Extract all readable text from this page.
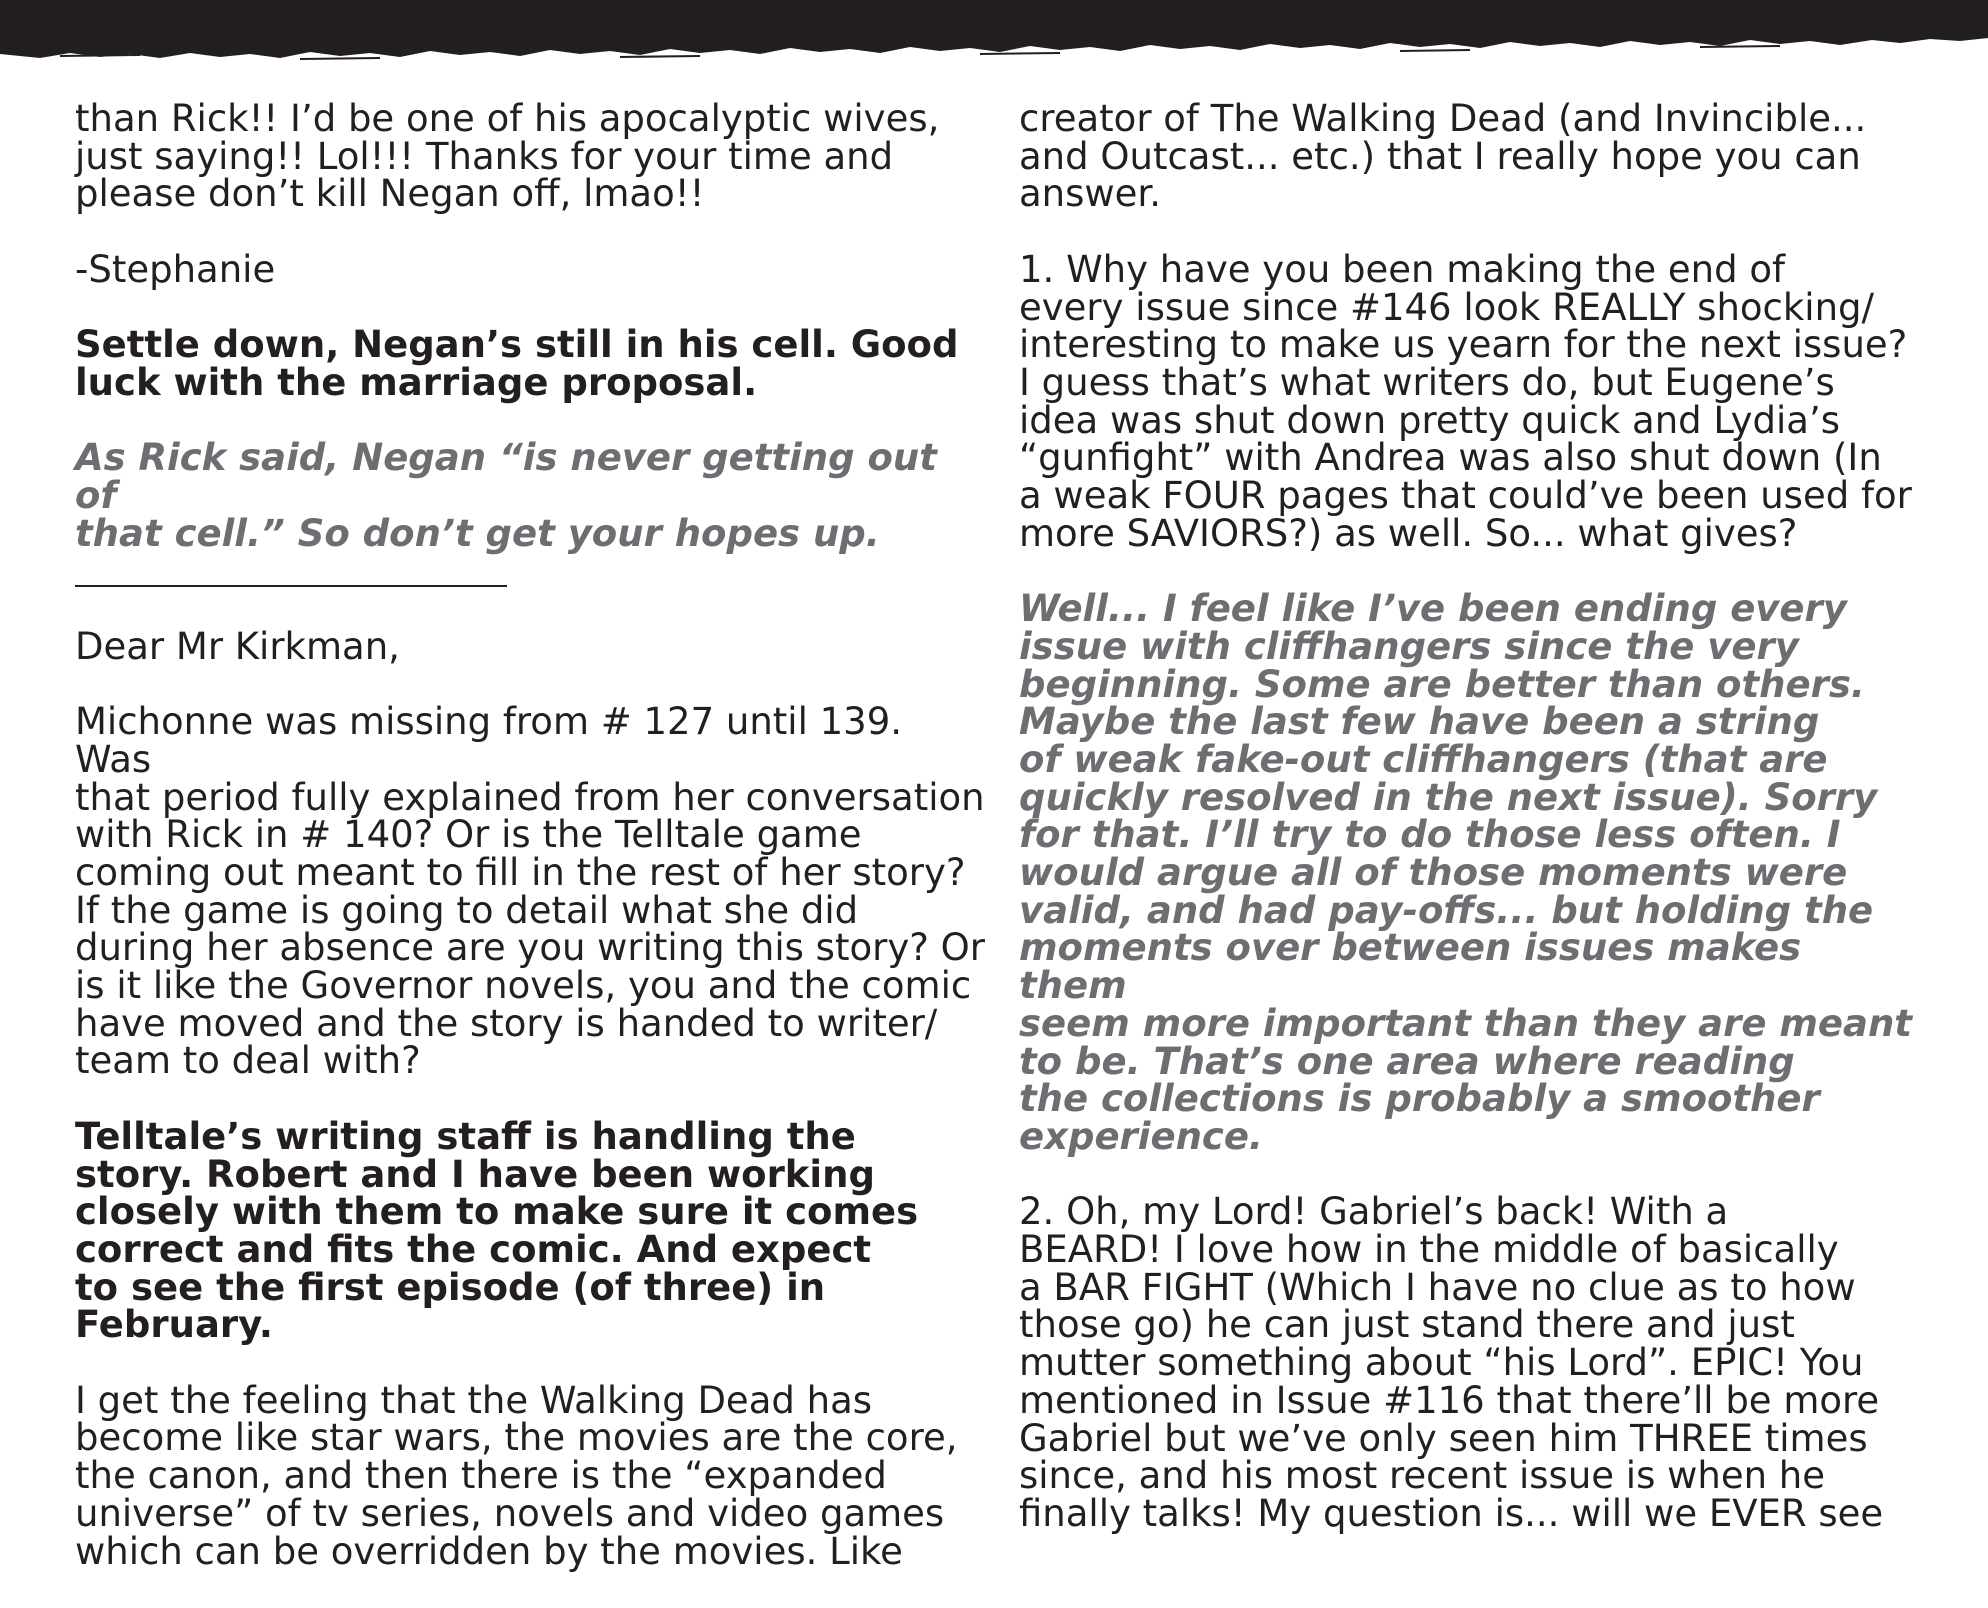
than Rick!! I’d be one of his apocalyptic wives,
just saying!! Lol!!! Thanks for your time and
please don’t kill Negan off, lmao!!
-Stephanie
Settle down, Negan’s still in his cell. Good
luck with the marriage proposal.
As Rick said, Negan “is never getting out of
that cell.” So don’t get your hopes up.
Dear Mr Kirkman,
Michonne was missing from # 127 until 139. Was
that period fully explained from her conversation
with Rick in # 140? Or is the Telltale game
coming out meant to fill in the rest of her story?
If the game is going to detail what she did
during her absence are you writing this story? Or
is it like the Governor novels, you and the comic
have moved and the story is handed to writer/
team to deal with?
Telltale’s writing staff is handling the
story. Robert and I have been working
closely with them to make sure it comes
correct and fits the comic. And expect
to see the first episode (of three) in
February.
I get the feeling that the Walking Dead has
become like star wars, the movies are the core,
the canon, and then there is the “expanded
universe” of tv series, novels and video games
which can be overridden by the movies. Like
creator of The Walking Dead (and Invincible...
and Outcast... etc.) that I really hope you can
answer.
1. Why have you been making the end of
every issue since #146 look REALLY shocking/
interesting to make us yearn for the next issue?
I guess that’s what writers do, but Eugene’s
idea was shut down pretty quick and Lydia’s
“gunfight” with Andrea was also shut down (In
a weak FOUR pages that could’ve been used for
more SAVIORS?) as well. So... what gives?
Well... I feel like I’ve been ending every
issue with cliffhangers since the very
beginning. Some are better than others.
Maybe the last few have been a string
of weak fake-out cliffhangers (that are
quickly resolved in the next issue). Sorry
for that. I’ll try to do those less often. I
would argue all of those moments were
valid, and had pay-offs... but holding the
moments over between issues makes them
seem more important than they are meant
to be. That’s one area where reading
the collections is probably a smoother
experience.
2. Oh, my Lord! Gabriel’s back! With a
BEARD! I love how in the middle of basically
a BAR FIGHT (Which I have no clue as to how
those go) he can just stand there and just
mutter something about “his Lord”. EPIC! You
mentioned in Issue #116 that there’ll be more
Gabriel but we’ve only seen him THREE times
since, and his most recent issue is when he
finally talks! My question is... will we EVER see
